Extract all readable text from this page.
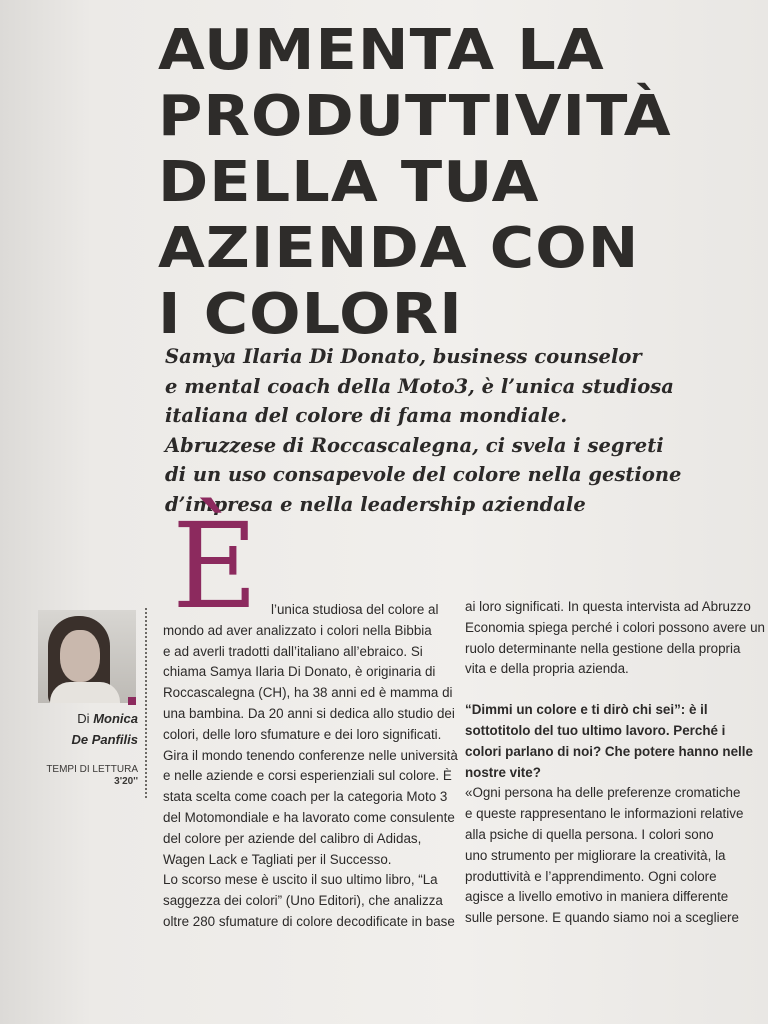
AUMENTA LA
PRODUTTIVITÀ
DELLA TUA
AZIENDA CON
I COLORI

Samya Ilaria Di Donato, business counselor
e mental coach della Moto3, è l’unica studiosa
italiana del colore di fama mondiale.
Abruzzese di Roccascalegna, ci svela i segreti
di un uso consapevole del colore nella gestione
d’impresa e nella leadership aziendale

È
Di Monica
De Panfilis
TEMPI DI LETTURA
3'20''
l’unica studiosa del colore al
mondo ad aver analizzato i colori nella Bibbia
e ad averli tradotti dall’italiano all’ebraico. Si
chiama Samya Ilaria Di Donato, è originaria di
Roccascalegna (CH), ha 38 anni ed è mamma di
una bambina. Da 20 anni si dedica allo studio dei
colori, delle loro sfumature e dei loro significati.
Gira il mondo tenendo conferenze nelle università
e nelle aziende e corsi esperienziali sul colore. È
stata scelta come coach per la categoria Moto 3
del Motomondiale e ha lavorato come consulente
del colore per aziende del calibro di Adidas,
Wagen Lack e Tagliati per il Successo.
Lo scorso mese è uscito il suo ultimo libro, “La
saggezza dei colori” (Uno Editori), che analizza
oltre 280 sfumature di colore decodificate in base
ai loro significati. In questa intervista ad Abruzzo
Economia spiega perché i colori possono avere un
ruolo determinante nella gestione della propria
vita e della propria azienda.
“Dimmi un colore e ti dirò chi sei”: è il
sottotitolo del tuo ultimo lavoro. Perché i
colori parlano di noi? Che potere hanno nelle
nostre vite?
«Ogni persona ha delle preferenze cromatiche
e queste rappresentano le informazioni relative
alla psiche di quella persona. I colori sono
uno strumento per migliorare la creatività, la
produttività e l’apprendimento. Ogni colore
agisce a livello emotivo in maniera differente
sulle persone. E quando siamo noi a scegliere
